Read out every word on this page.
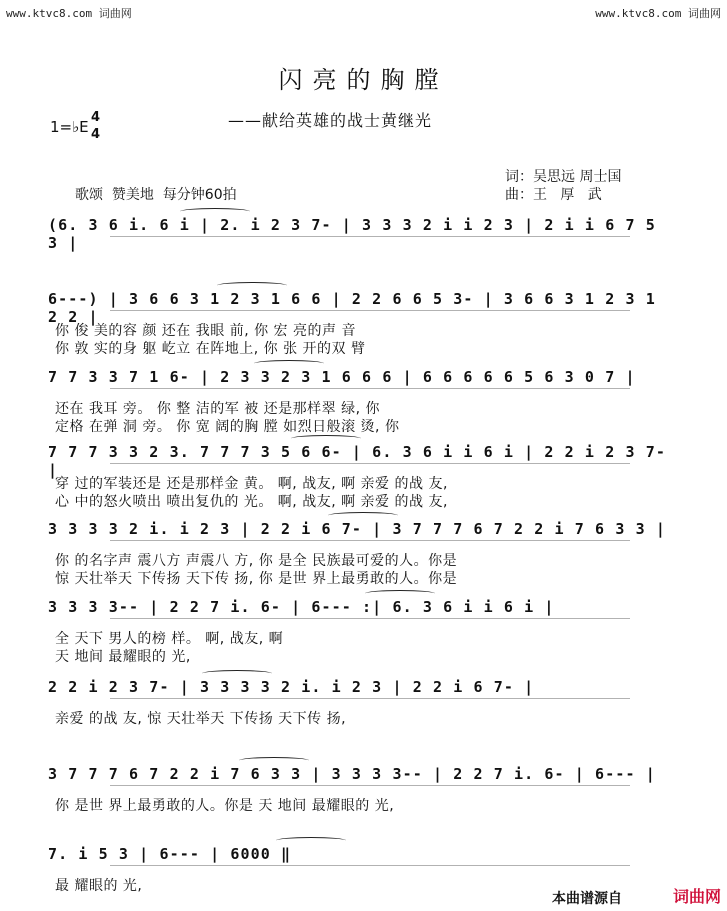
www.ktvc8.com 词曲网	www.ktvc8.com 词曲网
闪亮的胸膛
——献给英雄的战士黄继光
1=♭E
4
4
词：吴思远 周士国
曲：王   厚   武
歌颂  赞美地  每分钟60拍
(6. 3 6 i. 6 i | 2. i 2 3 7- | 3 3 3 2 i i 2 3 | 2 i i 6 7 5 3 |
6---) | 3 6 6 3 1 2 3 1 6 6 | 2 2 6 6 5 3- | 3 6 6 3 1 2 3 1 2 2 |
你 俊 美的容 颜 还在 我眼 前, 你 宏 亮的声 音
你 敦 实的身 躯 屹立 在阵地上, 你 张 开的双 臂
7 7 3 3 7 1 6- | 2 3 3 2 3 1 6 6 6 | 6 6 6 6 6 5 6 3 0 7 |
还在 我耳 旁。 你 整 洁的军 被 还是那样翠 绿, 你
定格 在弹 洞 旁。 你 宽 阔的胸 膛 如烈日般滚 烫, 你
7 7 7 3 3 2 3. 7 7 7 3 5 6 6- | 6. 3 6 i i 6 i | 2 2 i 2 3 7- |
穿 过的军装还是 还是那样金 黄。 啊, 战友, 啊 亲爱 的战 友,
心 中的怒火喷出 喷出复仇的 光。 啊, 战友, 啊 亲爱 的战 友,
3 3 3 3 2 i. i 2 3 | 2 2 i 6 7- | 3 7 7 7 6 7 2 2 i 7 6 3 3 |
你 的名字声 震八方 声震八 方, 你 是全 民族最可爱的人。你是
惊 天壮举天 下传扬 天下传 扬, 你 是世 界上最勇敢的人。你是
3 3 3 3-- | 2 2 7 i. 6- | 6--- :| 6. 3 6 i i 6 i |
全 天下 男人的榜 样。 啊, 战友, 啊
天 地间 最耀眼的 光,
2 2 i 2 3 7- | 3 3 3 3 2 i. i 2 3 | 2 2 i 6 7- |
亲爱 的战 友, 惊 天壮举天 下传扬 天下传 扬,
3 7 7 7 6 7 2 2 i 7 6 3 3 | 3 3 3 3-- | 2 2 7 i. 6- | 6--- |
你 是世 界上最勇敢的人。你是 天 地间 最耀眼的 光,
7. i 5 3 | 6--- | 6000 ‖
最 耀眼的 光,
本曲谱源自	词曲网
